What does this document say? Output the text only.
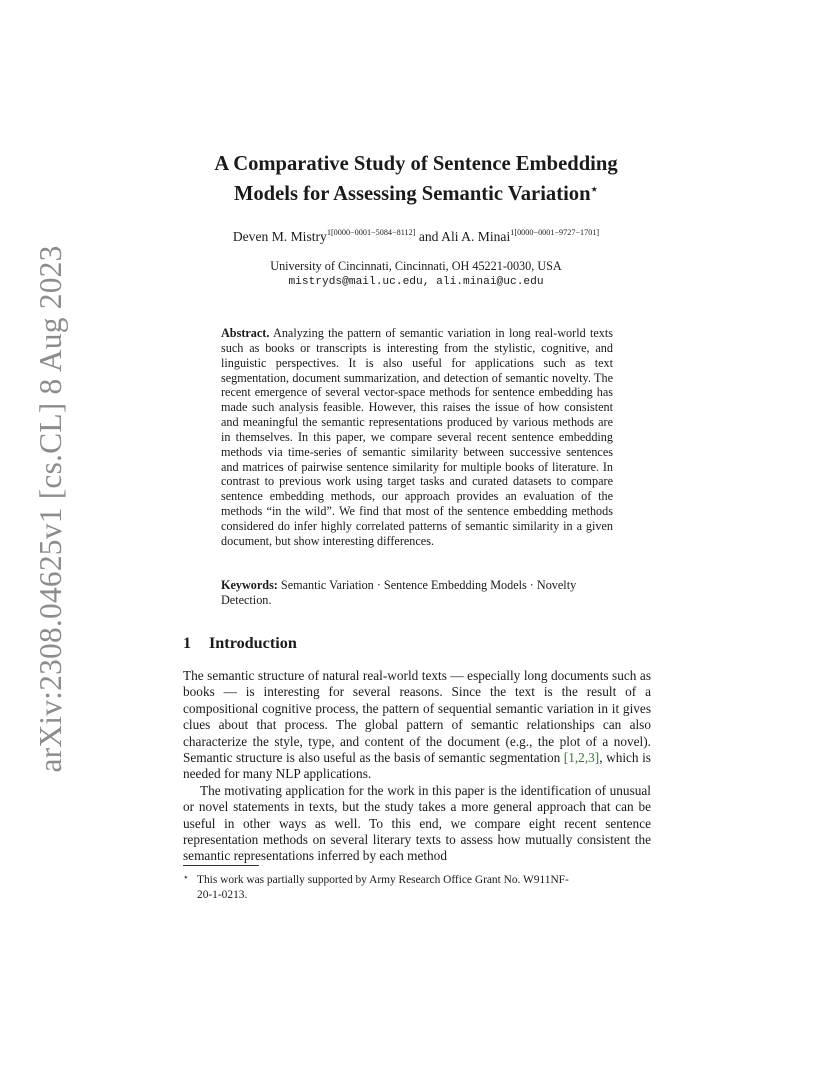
arXiv:2308.04625v1 [cs.CL] 8 Aug 2023
A Comparative Study of Sentence Embedding
Models for Assessing Semantic Variation⋆
Deven M. Mistry$^{1[0000-0001-5084-8112]}$ and Ali A. Minai$^{1[0000-0001-9727-1701]}$
University of Cincinnati, Cincinnati, OH 45221-0030, USA
mistryds@mail.uc.edu, ali.minai@uc.edu
Abstract. Analyzing the pattern of semantic variation in long real-world texts such as books or transcripts is interesting from the stylistic, cognitive, and linguistic perspectives. It is also useful for applications such as text segmentation, document summarization, and detection of semantic novelty. The recent emergence of several vector-space methods for sentence embedding has made such analysis feasible. However, this raises the issue of how consistent and meaningful the semantic representations produced by various methods are in themselves. In this paper, we compare several recent sentence embedding methods via time-series of semantic similarity between successive sentences and matrices of pairwise sentence similarity for multiple books of literature. In contrast to previous work using target tasks and curated datasets to compare sentence embedding methods, our approach provides an evaluation of the methods “in the wild”. We find that most of the sentence embedding methods considered do infer highly correlated patterns of semantic similarity in a given document, but show interesting differences.
Keywords: Semantic Variation · Sentence Embedding Models · Novelty Detection.
1 Introduction

The semantic structure of natural real-world texts — especially long documents such as books — is interesting for several reasons. Since the text is the result of a compositional cognitive process, the pattern of sequential semantic variation in it gives clues about that process. The global pattern of semantic relationships can also characterize the style, type, and content of the document (e.g., the plot of a novel). Semantic structure is also useful as the basis of semantic segmentation [1,2,3], which is needed for many NLP applications.

The motivating application for the work in this paper is the identification of unusual or novel statements in texts, but the study takes a more general approach that can be useful in other ways as well. To this end, we compare eight recent sentence representation methods on several literary texts to assess how mutually consistent the semantic representations inferred by each method

⋆ This work was partially supported by Army Research Office Grant No. W911NF-
20-1-0213.
